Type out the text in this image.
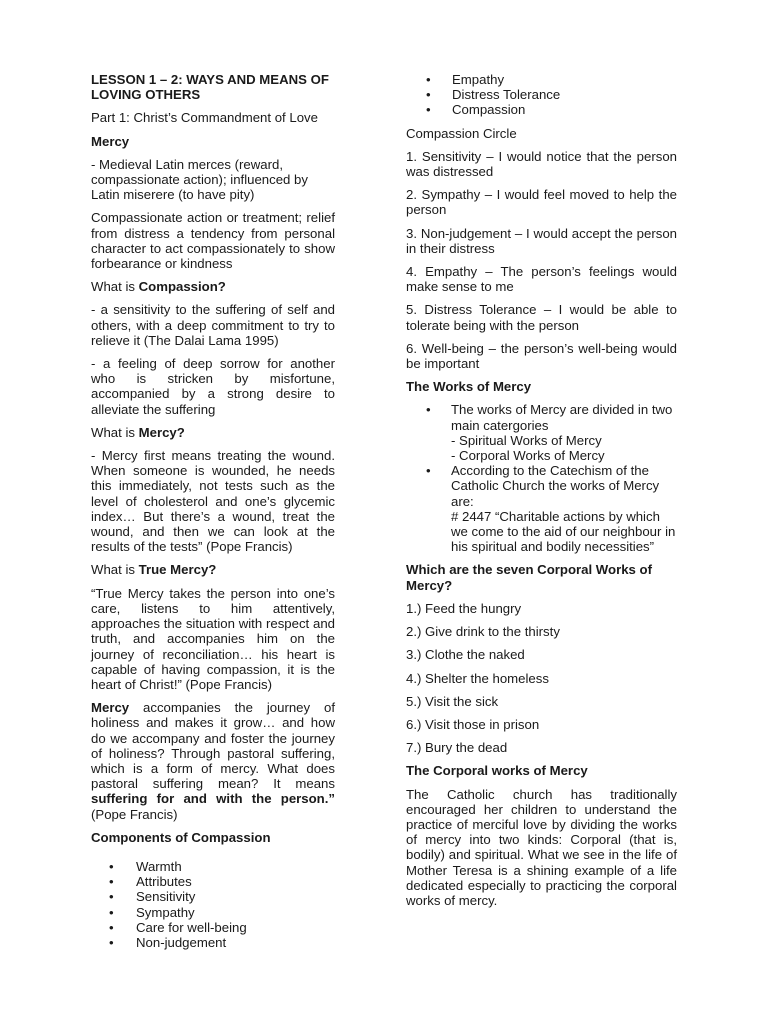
LESSON 1 – 2: WAYS AND MEANS OF LOVING OTHERS

Part 1: Christ’s Commandment of Love

Mercy

- Medieval Latin merces (reward, compassionate action); influenced by Latin miserere (to have pity)

Compassionate action or treatment; relief from distress a tendency from personal character to act compassionately to show forbearance or kindness

What is Compassion?

- a sensitivity to the suffering of self and others, with a deep commitment to try to relieve it (The Dalai Lama 1995)

- a feeling of deep sorrow for another who is stricken by misfortune, accompanied by a strong desire to alleviate the suffering

What is Mercy?

- Mercy first means treating the wound. When someone is wounded, he needs this immediately, not tests such as the level of cholesterol and one’s glycemic index… But there’s a wound, treat the wound, and then we can look at the results of the tests” (Pope Francis)

What is True Mercy?

“True Mercy takes the person into one’s care, listens to him attentively, approaches the situation with respect and truth, and accompanies him on the journey of reconciliation… his heart is capable of having compassion, it is the heart of Christ!” (Pope Francis)

Mercy accompanies the journey of holiness and makes it grow… and how do we accompany and foster the journey of holiness? Through pastoral suffering, which is a form of mercy. What does pastoral suffering mean? It means suffering for and with the person.” (Pope Francis)

Components of Compassion

• Warmth
• Attributes
• Sensitivity
• Sympathy
• Care for well-being
• Non-judgement
• Empathy
• Distress Tolerance
• Compassion

Compassion Circle

1. Sensitivity – I would notice that the person was distressed

2. Sympathy – I would feel moved to help the person

3. Non-judgement – I would accept the person in their distress

4. Empathy – The person’s feelings would make sense to me

5. Distress Tolerance – I would be able to tolerate being with the person

6. Well-being – the person’s well-being would be important

The Works of Mercy

• The works of Mercy are divided in two main catergories
- Spiritual Works of Mercy
- Corporal Works of Mercy
• According to the Catechism of the Catholic Church the works of Mercy are:
# 2447 “Charitable actions by which we come to the aid of our neighbour in his spiritual and bodily necessities”

Which are the seven Corporal Works of Mercy?

1.) Feed the hungry

2.) Give drink to the thirsty

3.) Clothe the naked

4.) Shelter the homeless

5.) Visit the sick

6.) Visit those in prison

7.) Bury the dead

The Corporal works of Mercy

The Catholic church has traditionally encouraged her children to understand the practice of merciful love by dividing the works of mercy into two kinds: Corporal (that is, bodily) and spiritual. What we see in the life of Mother Teresa is a shining example of a life dedicated especially to practicing the corporal works of mercy.
